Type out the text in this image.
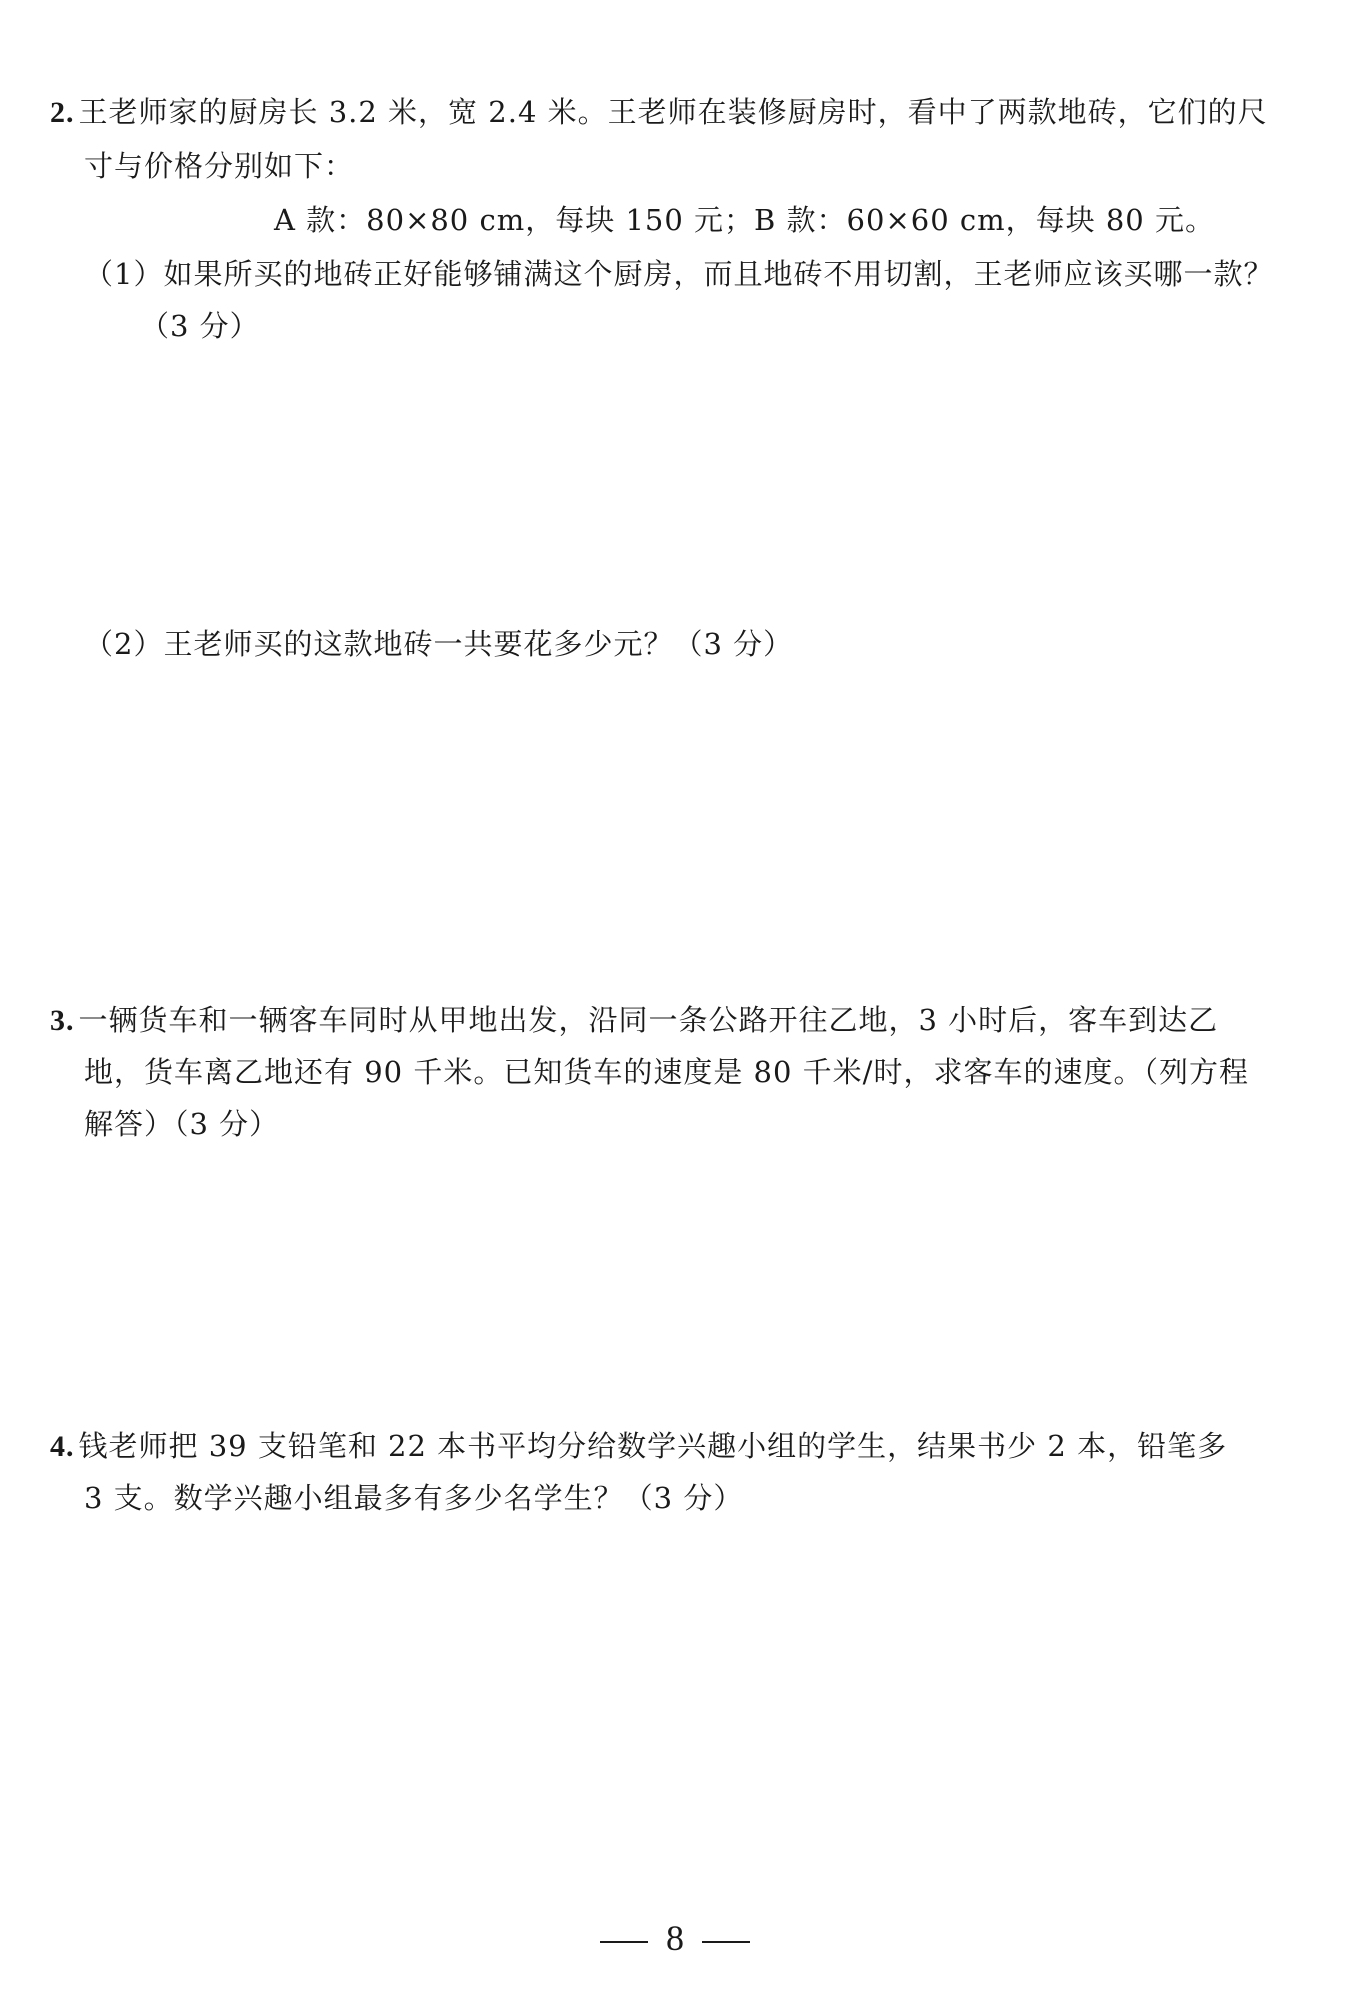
2. 王老师家的厨房长 3.2 米，宽 2.4 米。王老师在装修厨房时，看中了两款地砖，它们的尺

寸与价格分别如下：

A 款：80×80 cm，每块 150 元；B 款：60×60 cm，每块 80 元。

（1）如果所买的地砖正好能够铺满这个厨房，而且地砖不用切割，王老师应该买哪一款？

（3 分）

（2）王老师买的这款地砖一共要花多少元？（3 分）

3. 一辆货车和一辆客车同时从甲地出发，沿同一条公路开往乙地，3 小时后，客车到达乙

地，货车离乙地还有 90 千米。已知货车的速度是 80 千米/时，求客车的速度。（列方程

解答）（3 分）

4. 钱老师把 39 支铅笔和 22 本书平均分给数学兴趣小组的学生，结果书少 2 本，铅笔多

3 支。数学兴趣小组最多有多少名学生？（3 分）

8
